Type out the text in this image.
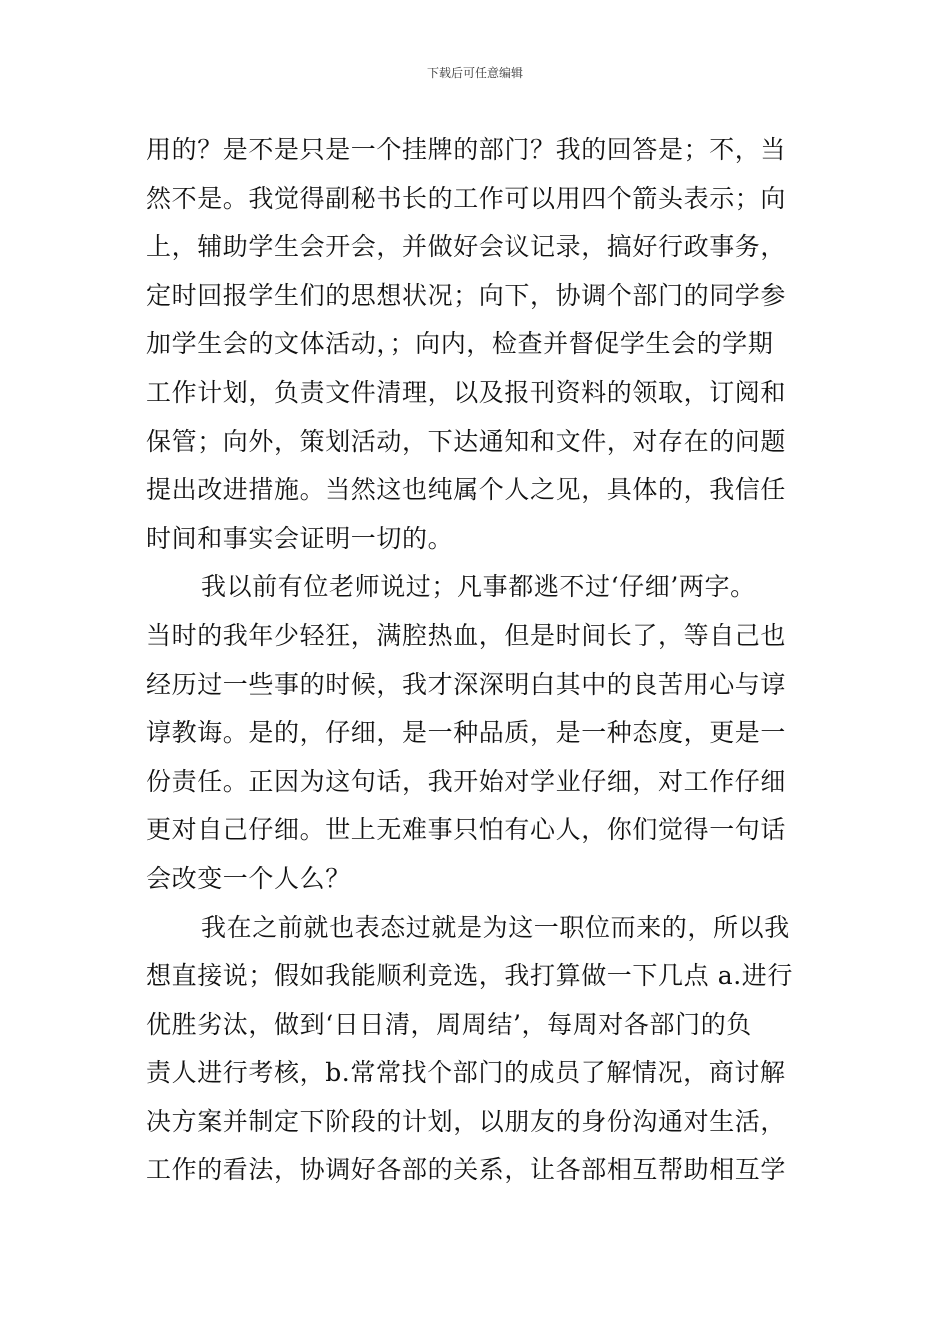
下载后可任意编辑
用的？是不是只是一个挂牌的部门？我的回答是；不，当
然不是。我觉得副秘书长的工作可以用四个箭头表示；向
上，辅助学生会开会，并做好会议记录，搞好行政事务，
定时回报学生们的思想状况；向下，协调个部门的同学参
加学生会的文体活动，；向内，检查并督促学生会的学期
工作计划，负责文件清理，以及报刊资料的领取，订阅和
保管；向外，策划活动，下达通知和文件，对存在的问题
提出改进措施。当然这也纯属个人之见，具体的，我信任
时间和事实会证明一切的。
我以前有位老师说过；凡事都逃不过‘仔细’两字。
当时的我年少轻狂，满腔热血，但是时间长了，等自己也
经历过一些事的时候，我才深深明白其中的良苦用心与谆
谆教诲。是的，仔细，是一种品质，是一种态度，更是一
份责任。正因为这句话，我开始对学业仔细，对工作仔细
更对自己仔细。世上无难事只怕有心人，你们觉得一句话
会改变一个人么？
我在之前就也表态过就是为这一职位而来的，所以我
想直接说；假如我能顺利竞选，我打算做一下几点 a.进行
优胜劣汰，做到‘日日清，周周结’，每周对各部门的负
责人进行考核，b.常常找个部门的成员了解情况，商讨解
决方案并制定下阶段的计划，以朋友的身份沟通对生活，
工作的看法，协调好各部的关系，让各部相互帮助相互学
